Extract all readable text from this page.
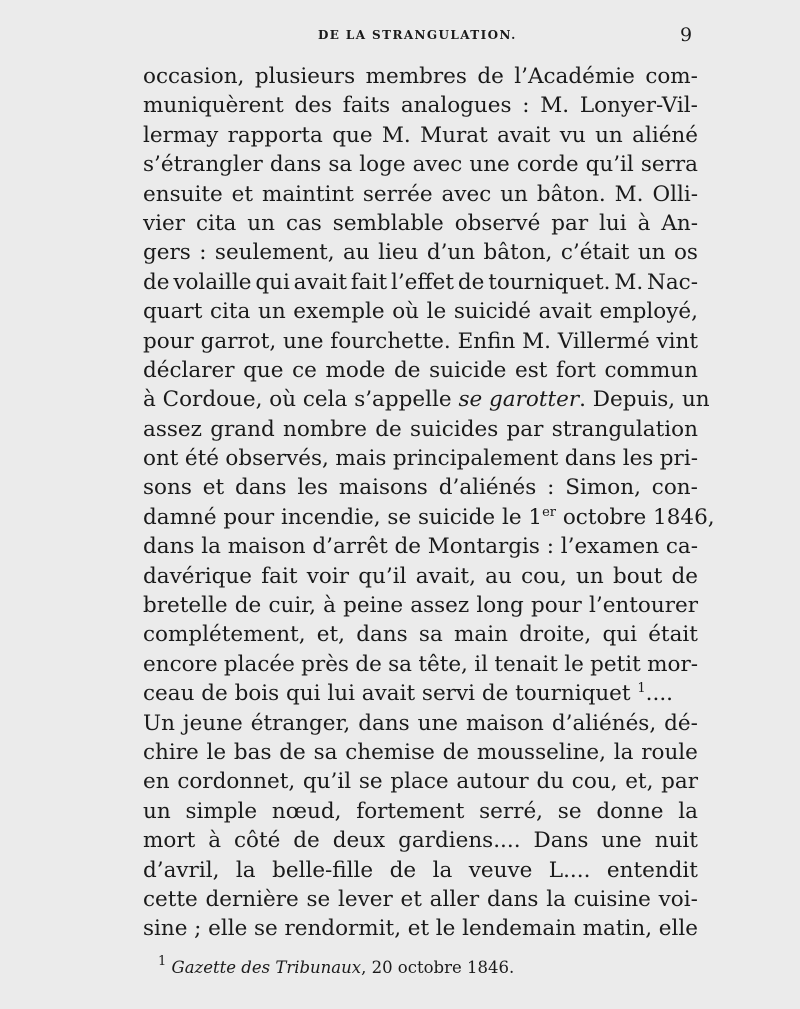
DE LA STRANGULATION.	9
occasion, plusieurs membres de l’Académie com-
muniquèrent des faits analogues : M. Lonyer-Vil-
lermay rapporta que M. Murat avait vu un aliéné
s’étrangler dans sa loge avec une corde qu’il serra
ensuite et maintint serrée avec un bâton. M. Olli-
vier cita un cas semblable observé par lui à An-
gers : seulement, au lieu d’un bâton, c’était un os
de volaille qui avait fait l’effet de tourniquet. M. Nac-
quart cita un exemple où le suicidé avait employé,
pour garrot, une fourchette. Enfin M. Villermé vint
déclarer que ce mode de suicide est fort commun
à Cordoue, où cela s’appelle se garotter. Depuis, un
assez grand nombre de suicides par strangulation
ont été observés, mais principalement dans les pri-
sons et dans les maisons d’aliénés : Simon, con-
damné pour incendie, se suicide le 1er octobre 1846,
dans la maison d’arrêt de Montargis : l’examen ca-
davérique fait voir qu’il avait, au cou, un bout de
bretelle de cuir, à peine assez long pour l’entourer
complétement, et, dans sa main droite, qui était
encore placée près de sa tête, il tenait le petit mor-
ceau de bois qui lui avait servi de tourniquet $^1$....
Un jeune étranger, dans une maison d’aliénés, dé-
chire le bas de sa chemise de mousseline, la roule
en cordonnet, qu’il se place autour du cou, et, par
un simple nœud, fortement serré, se donne la
mort à côté de deux gardiens.... Dans une nuit
d’avril, la belle-fille de la veuve L.... entendit
cette dernière se lever et aller dans la cuisine voi-
sine ; elle se rendormit, et le lendemain matin, elle
$^1$ Gazette des Tribunaux, 20 octobre 1846.
